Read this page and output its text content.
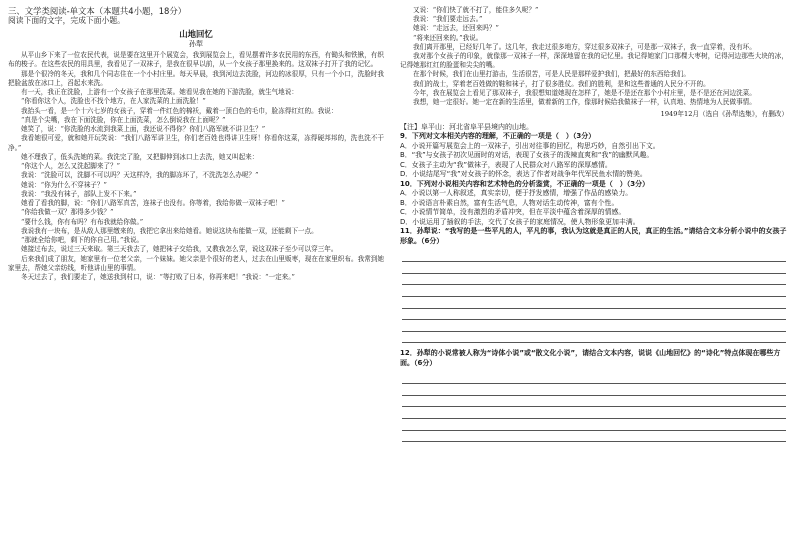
三、文学类阅读-单文本（本题共4小题，18分）
阅读下面的文字，完成下面小题。
山地回忆
孙犁

从平山乡下来了一位农民代表，说是要在这里开个展览会，我到展览会上，看见摆着许多农民用的东西，有锄头和铁锹，有织布的梭子。在这些农民的用具里，我看见了一双袜子，是我在很早以前，从一个女孩子那里换来的。这双袜子打开了我的记忆。

那是个很冷的冬天，我和几个同志住在一个小村庄里。每天早晨，我到河边去洗脸，河边的冰很厚，只有一个小口，洗脸时我把脸盆放在冰口上，舀起水来洗。

有一天，我正在洗脸，上游有一个女孩子在那里洗菜。她看见我在她的下游洗脸，就生气地说：

“你看你这个人，洗脸也不找个地方，在人家洗菜的上面洗脸！”

我抬头一看，是一个十六七岁的女孩子，穿着一件红色的棉袄，戴着一顶白色的毛巾，脸冻得红红的。我说：

“真是个尖嘴，我在下面洗脸，你在上面洗菜，怎么倒说我在上面呢？”

她笑了，说：“你洗脸的水流到我菜上面，我还说不得你？你们八路军就不讲卫生？”

我看她很可爱，就和她开玩笑说：“我们八路军讲卫生，你们老百姓也得讲卫生呀！你看你这菜，冻得硬邦邦的，洗也洗不干净。”

她不理我了，低头洗她的菜。我洗完了脸，又把脚伸到冰口上去洗，她又叫起来：

“你这个人，怎么又洗起脚来了？”

我说：“洗脸可以，洗脚不可以吗？天这样冷，我的脚冻坏了，不洗洗怎么办呢？”

她说：“你为什么不穿袜子？”

我说：“我没有袜子，部队上发不下来。”

她看了看我的脚，说：“你们八路军真苦，连袜子也没有。你等着，我给你做一双袜子吧！”

“你给我做一双？那得多少钱？”

“要什么钱，你有布吗？有布我就给你做。”

我说我有一块布，是从敌人那里缴来的，我把它拿出来给她看。她说这块布能做一双，还能剩下一点。

“那就全给你吧，剩下的你自己用。”我说。

她接过布去，说过三天来取。第三天我去了，她把袜子交给我，又教我怎么穿，说这双袜子至少可以穿三年。

后来我们成了朋友，她家里有一位老父亲，一个妹妹。她父亲是个很好的老人，过去在山里贩枣，现在在家里织布。我常到她家里去，帮她父亲纺线，听他讲山里的事情。

冬天过去了，我们要走了，她送我到村口，说：“等打败了日本，你再来吧！”我说：“一定来。”

又说：“你们快了就不打了，能住多久呢？”

我说：“我们要走远去。”

她说：“走远去，还回来吗？”

“将来还回来的。”我说。

我们离开那里，已经好几年了。这几年，我走过很多地方，穿过很多双袜子，可是那一双袜子，我一直穿着，没有坏。

我对那个女孩子的印象，就像那一双袜子一样，深深地留在我的记忆里。我记得她家门口那棵大枣树，记得河边那些大块的冰，记得她那红红的脸蛋和尖尖的嘴。

在那个时候，我们在山里打游击，生活很苦，可是人民是那样爱护我们，把最好的东西给我们。

我们的战士，穿着老百姓做的鞋和袜子，打了很多胜仗。我们的胜利，是和这些普通的人民分不开的。

今年，我在展览会上看见了那双袜子，我很想知道她现在怎样了，她是不是还在那个小村庄里，是不是还在河边洗菜。

我想，她一定很好。她一定在新的生活里，做着新的工作，像那时候给我做袜子一样，认真地、热情地为人民做事情。

1949年12月（选自《孙犁选集》，有删改）
【注】阜平山：河北省阜平县境内的山地。
9．下列对文本相关内容的理解，不正确的一项是（　）（3分）
A．小说开篇写展览会上的一双袜子，引出对往事的回忆，构思巧妙，自然引出下文。
B．“我”与女孩子初次见面时的对话，表现了女孩子的泼辣直爽和“我”的幽默风趣。
C．女孩子主动为“我”做袜子，表现了人民群众对八路军的深厚感情。
D．小说结尾写“我”对女孩子的怀念，表达了作者对战争年代军民鱼水情的赞美。
10．下列对小说相关内容和艺术特色的分析鉴赏，不正确的一项是（　）（3分）
A．小说以第一人称叙述，真实亲切，便于抒发感情，增强了作品的感染力。
B．小说语言朴素自然，富有生活气息，人物对话生动传神，富有个性。
C．小说情节简单，没有激烈的矛盾冲突，但在平淡中蕴含着深厚的情感。
D．小说运用了插叙的手法，交代了女孩子的家庭情况，使人物形象更加丰满。
11．孙犁说：“我写的是一些平凡的人，平凡的事，我认为这就是真正的人民，真正的生活。”请结合文本分析小说中的女孩子形象。（6分）
12．孙犁的小说常被人称为“诗体小说”或“散文化小说”，请结合文本内容，说说《山地回忆》的“诗化”特点体现在哪些方面。（6分）
